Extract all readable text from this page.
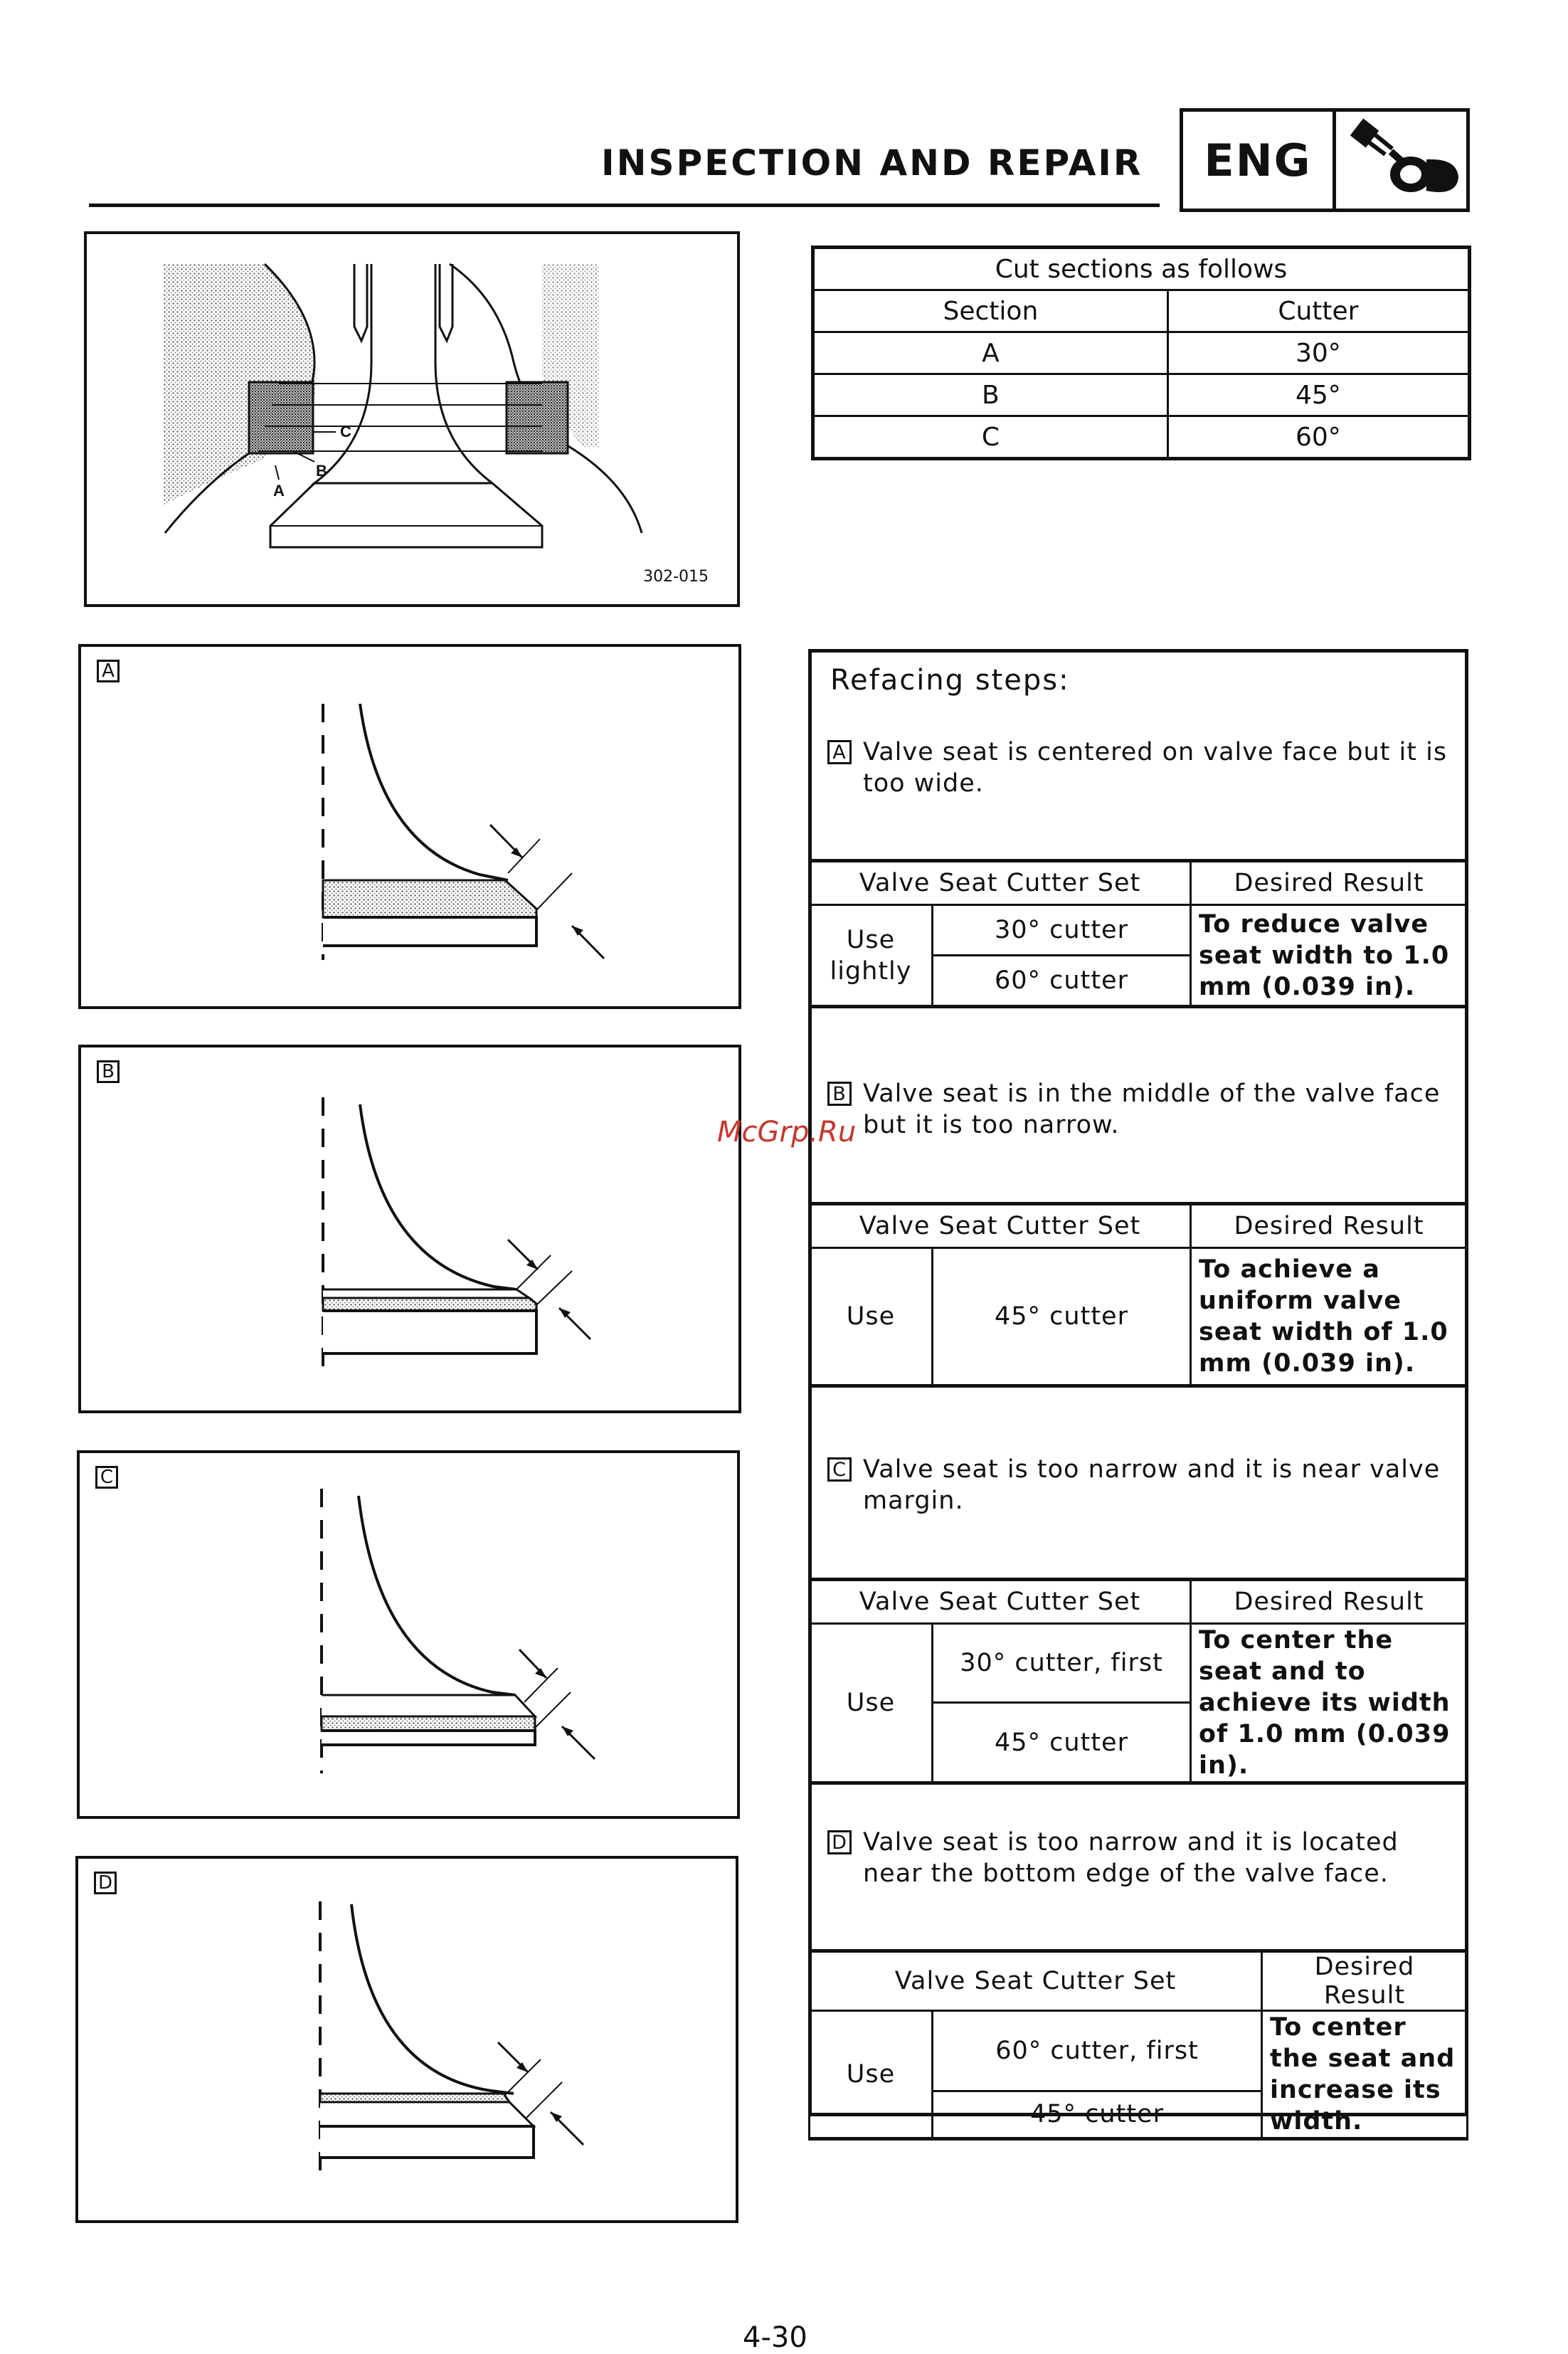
INSPECTION AND REPAIR	ENG
C
B
A
302-015
A
B
C
D
Cut sections as follows	
Section	Cutter
A	30°
B	45°
C	60°
Refacing steps:
A Valve seat is centered on valve face but it is too wide.
Valve Seat Cutter Set		Desired Result
Use lightly	30° cutter	To reduce valve seat width to 1.0 mm (0.039 in).
	60° cutter	
B Valve seat is in the middle of the valve face but it is too narrow.
Valve Seat Cutter Set		Desired Result
Use	45° cutter	To achieve a uniform valve seat width of 1.0 mm (0.039 in).
C Valve seat is too narrow and it is near valve margin.
Valve Seat Cutter Set		Desired Result
Use	30° cutter, first	To center the seat and to achieve its width of 1.0 mm (0.039 in).
	45° cutter	
D Valve seat is too narrow and it is located near the bottom edge of the valve face.
Valve Seat Cutter Set		Desired Result
Use	60° cutter, first	To center the seat and increase its width.
	45° cutter	
McGrp.Ru
4-30
